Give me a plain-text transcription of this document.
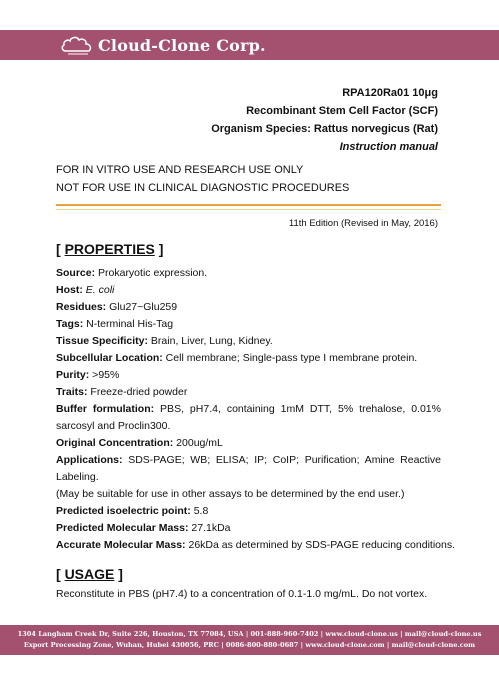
Cloud-Clone Corp.
RPA120Ra01 10μg
Recombinant Stem Cell Factor (SCF)
Organism Species: Rattus norvegicus (Rat)
Instruction manual
FOR IN VITRO USE AND RESEARCH USE ONLY
NOT FOR USE IN CLINICAL DIAGNOSTIC PROCEDURES
11th Edition (Revised in May, 2016)
[ PROPERTIES ]
Source: Prokaryotic expression.
Host: E. coli
Residues: Glu27~Glu259
Tags: N-terminal His-Tag
Tissue Specificity: Brain, Liver, Lung, Kidney.
Subcellular Location: Cell membrane; Single-pass type I membrane protein.
Purity: >95%
Traits: Freeze-dried powder
Buffer formulation: PBS, pH7.4, containing 1mM DTT, 5% trehalose, 0.01% sarcosyl and Proclin300.
Original Concentration: 200ug/mL
Applications: SDS-PAGE; WB; ELISA; IP; CoIP; Purification; Amine Reactive Labeling.
(May be suitable for use in other assays to be determined by the end user.)
Predicted isoelectric point: 5.8
Predicted Molecular Mass: 27.1kDa
Accurate Molecular Mass: 26kDa as determined by SDS-PAGE reducing conditions.
[ USAGE ]
Reconstitute in PBS (pH7.4) to a concentration of 0.1-1.0 mg/mL. Do not vortex.
1304 Langham Creek Dr, Suite 226, Houston, TX 77084, USA | 001-888-960-7402 | www.cloud-clone.us | mail@cloud-clone.us
Export Processing Zone, Wuhan, Hubei 430056, PRC | 0086-800-880-0687 | www.cloud-clone.com | mail@cloud-clone.com
